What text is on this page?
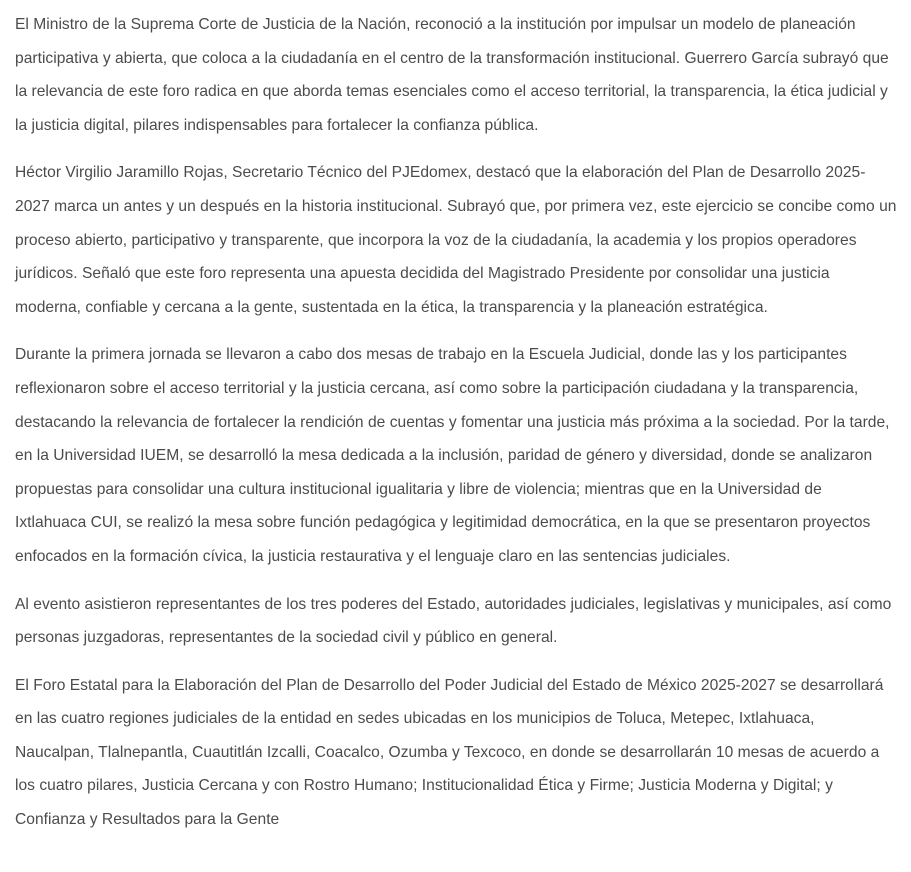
El Ministro de la Suprema Corte de Justicia de la Nación, reconoció a la institución por impulsar un modelo de planeación participativa y abierta, que coloca a la ciudadanía en el centro de la transformación institucional. Guerrero García subrayó que la relevancia de este foro radica en que aborda temas esenciales como el acceso territorial, la transparencia, la ética judicial y la justicia digital, pilares indispensables para fortalecer la confianza pública.

Héctor Virgilio Jaramillo Rojas, Secretario Técnico del PJEdomex, destacó que la elaboración del Plan de Desarrollo 2025-2027 marca un antes y un después en la historia institucional. Subrayó que, por primera vez, este ejercicio se concibe como un proceso abierto, participativo y transparente, que incorpora la voz de la ciudadanía, la academia y los propios operadores jurídicos. Señaló que este foro representa una apuesta decidida del Magistrado Presidente por consolidar una justicia moderna, confiable y cercana a la gente, sustentada en la ética, la transparencia y la planeación estratégica.

Durante la primera jornada se llevaron a cabo dos mesas de trabajo en la Escuela Judicial, donde las y los participantes reflexionaron sobre el acceso territorial y la justicia cercana, así como sobre la participación ciudadana y la transparencia, destacando la relevancia de fortalecer la rendición de cuentas y fomentar una justicia más próxima a la sociedad. Por la tarde, en la Universidad IUEM, se desarrolló la mesa dedicada a la inclusión, paridad de género y diversidad, donde se analizaron propuestas para consolidar una cultura institucional igualitaria y libre de violencia; mientras que en la Universidad de Ixtlahuaca CUI, se realizó la mesa sobre función pedagógica y legitimidad democrática, en la que se presentaron proyectos enfocados en la formación cívica, la justicia restaurativa y el lenguaje claro en las sentencias judiciales.

Al evento asistieron representantes de los tres poderes del Estado, autoridades judiciales, legislativas y municipales, así como personas juzgadoras, representantes de la sociedad civil y público en general.

El Foro Estatal para la Elaboración del Plan de Desarrollo del Poder Judicial del Estado de México 2025-2027 se desarrollará en las cuatro regiones judiciales de la entidad en sedes ubicadas en los municipios de Toluca, Metepec, Ixtlahuaca, Naucalpan, Tlalnepantla, Cuautitlán Izcalli, Coacalco, Ozumba y Texcoco, en donde se desarrollarán 10 mesas de acuerdo a los cuatro pilares, Justicia Cercana y con Rostro Humano; Institucionalidad Ética y Firme; Justicia Moderna y Digital; y Confianza y Resultados para la Gente
